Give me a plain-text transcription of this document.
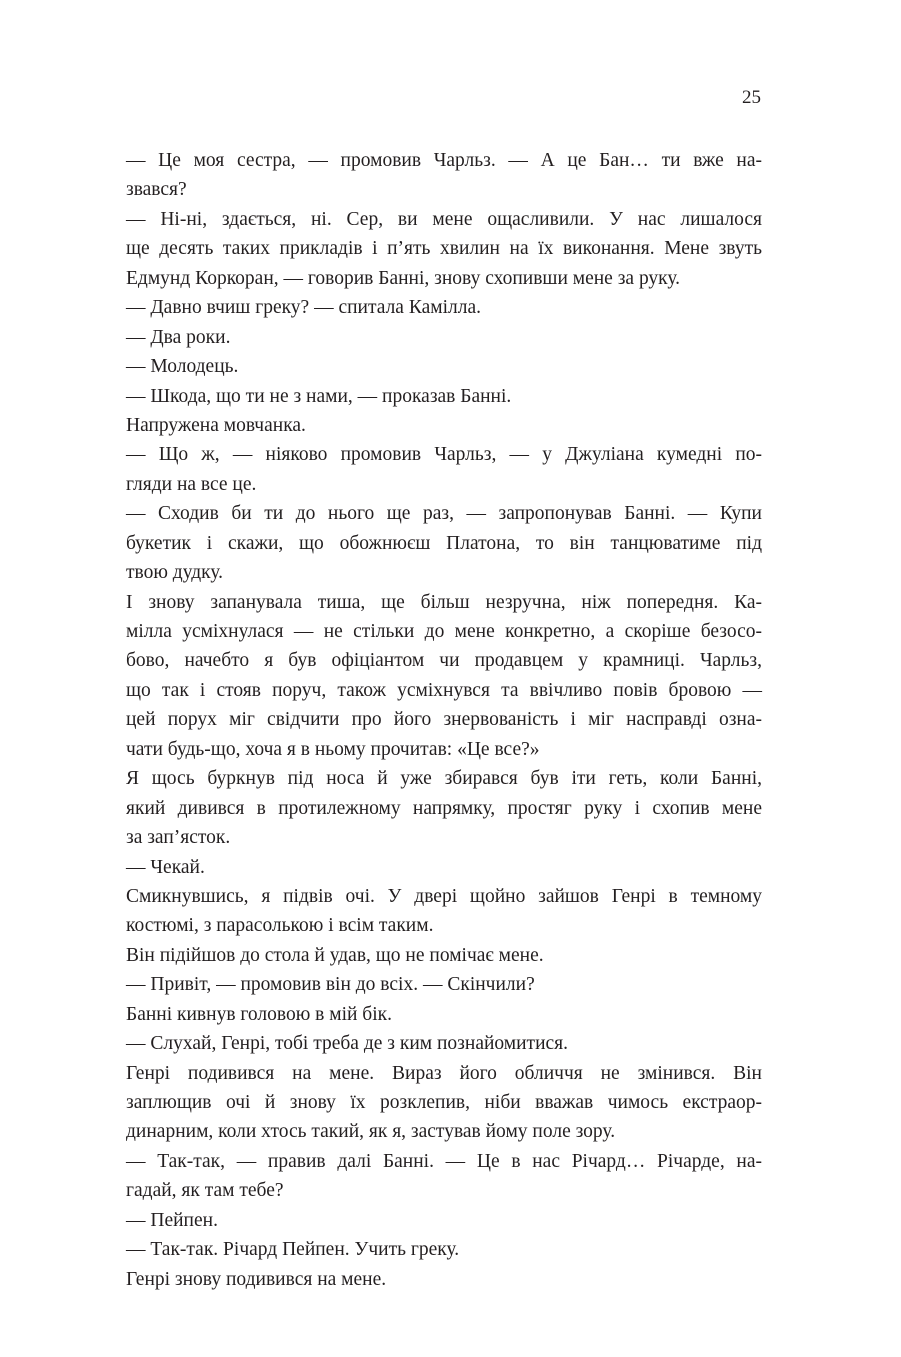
25
— Це моя сестра, — промовив Чарльз. — А це Бан… ти вже на-
звався?
— Ні-ні, здається, ні. Сер, ви мене ощасливили. У нас лишалося
ще десять таких прикладів і п’ять хвилин на їх виконання. Мене звуть
Едмунд Коркоран, — говорив Банні, знову схопивши мене за руку.
— Давно вчиш греку? — спитала Камілла.
— Два роки.
— Молодець.
— Шкода, що ти не з нами, — проказав Банні.
Напружена мовчанка.
— Що ж, — ніяково промовив Чарльз, — у Джуліана кумедні по-
гляди на все це.
— Сходив би ти до нього ще раз, — запропонував Банні. — Купи
букетик і скажи, що обожнюєш Платона, то він танцюватиме під
твою дудку.
І знову запанувала тиша, ще більш незручна, ніж попередня. Ка-
мілла усміхнулася — не стільки до мене конкретно, а скоріше безосо-
бово, начебто я був офіціантом чи продавцем у крамниці. Чарльз,
що так і стояв поруч, також усміхнувся та ввічливо повів бровою —
цей порух міг свідчити про його знервованість і міг насправді озна-
чати будь-що, хоча я в ньому прочитав: «Це все?»
Я щось буркнув під носа й уже збирався був іти геть, коли Банні,
який дивився в протилежному напрямку, простяг руку і схопив мене
за зап’ясток.
— Чекай.
Смикнувшись, я підвів очі. У двері щойно зайшов Генрі в темному
костюмі, з парасолькою і всім таким.
Він підійшов до стола й удав, що не помічає мене.
— Привіт, — промовив він до всіх. — Скінчили?
Банні кивнув головою в мій бік.
— Слухай, Генрі, тобі треба де з ким познайомитися.
Генрі подивився на мене. Вираз його обличчя не змінився. Він
заплющив очі й знову їх розклепив, ніби вважав чимось екстраор-
динарним, коли хтось такий, як я, застував йому поле зору.
— Так-так, — правив далі Банні. — Це в нас Річард… Річарде, на-
гадай, як там тебе?
— Пейпен.
— Так-так. Річард Пейпен. Учить греку.
Генрі знову подивився на мене.
